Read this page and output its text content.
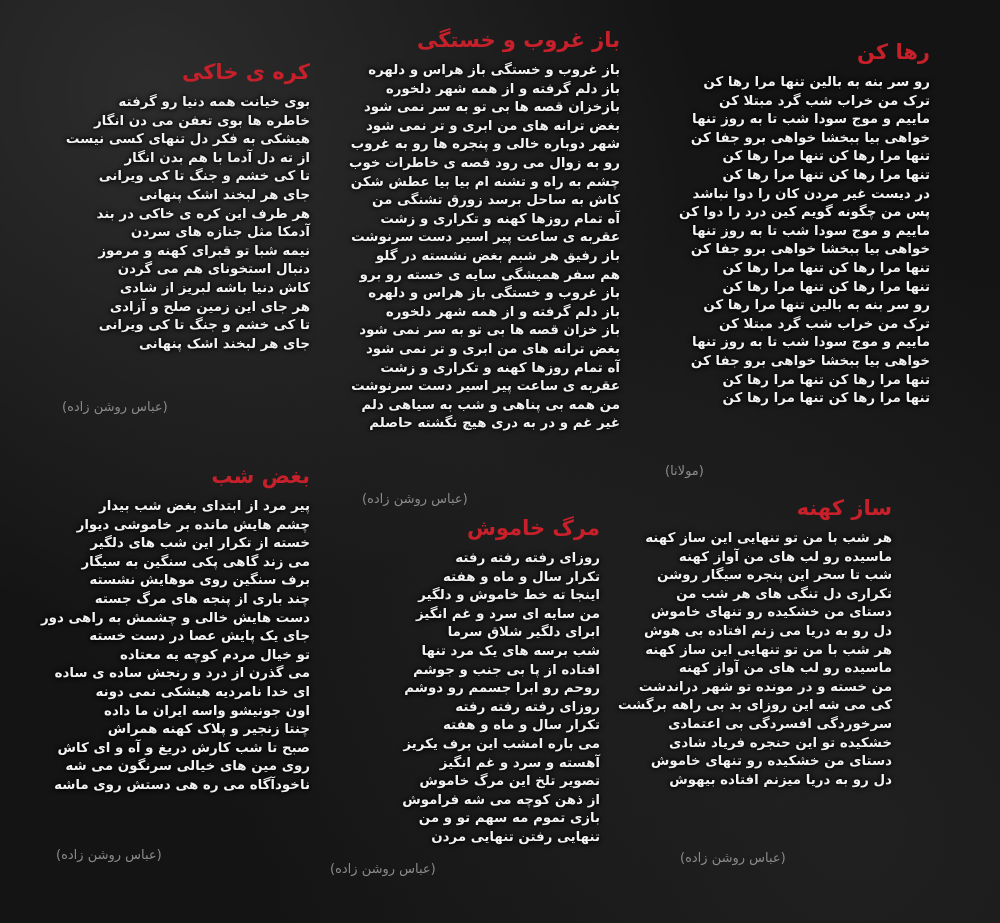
رها کن
رو سر بنه به بالین تنها مرا رها کن
ترک من خراب شب گرد مبتلا کن
ماییم و موج سودا شب تا به روز تنها
خواهی بیا ببخشا خواهی برو جفا کن
تنها مرا رها کن تنها مرا رها کن
تنها مرا رها کن تنها مرا رها کن
در دیست غیر مردن کان را دوا نباشد
پس من چگونه گویم کین درد را دوا کن
ماییم و موج سودا شب تا به روز تنها
خواهی بیا ببخشا خواهی برو جفا کن
تنها مرا رها کن تنها مرا رها کن
تنها مرا رها کن تنها مرا رها کن
رو سر بنه به بالین تنها مرا رها کن
ترک من خراب شب گرد مبتلا کن
ماییم و موج سودا شب تا به روز تنها
خواهی بیا ببخشا خواهی برو جفا کن
تنها مرا رها کن تنها مرا رها کن
تنها مرا رها کن تنها مرا رها کن
(مولانا)
باز غروب و خستگی
باز غروب و خستگی باز هراس و دلهره
باز دلم گرفته و از همه شهر دلخوره
بازخزان قصه ها بی تو به سر نمی شود
بغض ترانه های من ابری و تر نمی شود
شهر دوباره خالی و پنجره ها رو به غروب
رو به زوال می رود قصه ی خاطرات خوب
چشم به راه و تشنه ام بیا بیا عطش شکن
کاش به ساحل برسد زورق تشنگی من
آه تمام روزها کهنه و تکراری و زشت
عقربه ی ساعت پیر اسیر دست سرنوشت
باز رفیق هر شبم بغض نشسته در گلو
هم سفر همیشگی سایه ی خسته رو برو
باز غروب و خستگی باز هراس و دلهره
باز دلم گرفته و از همه شهر دلخوره
باز خزان قصه ها بی تو به سر نمی شود
بغض ترانه های من ابری و تر نمی شود
آه تمام روزها کهنه و تکراری و زشت
عقربه ی ساعت پیر اسیر دست سرنوشت
من همه بی پناهی و شب به سیاهی دلم
غیر غم و در به دری هیچ نگشته حاصلم
(عباس روشن زاده)
کره ی خاکی
بوی خیانت همه دنیا رو گرفته
خاطره ها بوی تعفن می دن انگار
هیشکی به فکر دل تنهای کسی نیست
از ته دل آدما با هم بدن انگار
تا کی خشم و جنگ تا کی ویرانی
جای هر لبخند اشک پنهانی
هر طرف این کره ی خاکی در بند
آدمکا مثل جنازه های سردن
نیمه شبا تو قبرای کهنه و مرموز
دنبال استخونای هم می گردن
کاش دنیا باشه لبریز از شادی
هر جای این زمین صلح و آزادی
تا کی خشم و جنگ تا کی ویرانی
جای هر لبخند اشک پنهانی
(عباس روشن زاده)
بغض شب
پیر مرد از ابتدای بغض شب بیدار
چشم هایش مانده بر خاموشی دیوار
خسته از تکرار این شب های دلگیر
می زند گاهی پکی سنگین به سیگار
برف سنگین روی موهایش نشسته
چند باری از پنجه های مرگ جسته
دست هایش خالی و چشمش به راهی دور
جای یک پایش عصا در دست خسته
تو خیال مردم کوچه یه معتاده
می گذرن از درد و رنجش ساده ی ساده
ای خدا نامردیه هیشکی نمی دونه
اون جونیشو واسه ایران ما داده
چنتا زنجیر و پلاک کهنه همراش
صبح تا شب کارش دریغ و آه و ای کاش
روی مین های خیالی سرنگون می شه
ناخودآگاه می ره هی دستش روی ماشه
(عباس روشن زاده)
مرگ خاموش
روزای رفته رفته رفته
تکرار سال و ماه و هفته
اینجا ته خط خاموش و دلگیر
من سایه ای سرد و غم انگیز
ابرای دلگیر شلاق سرما
شب برسه های یک مرد تنها
افتاده از پا بی جنب و جوشم
روحم رو ابرا جسمم رو دوشم
روزای رفته رفته رفته
تکرار سال و ماه و هفته
می باره امشب این برف یکریز
آهسته و سرد و غم انگیز
تصویر تلخ این مرگ خاموش
از ذهن کوچه می شه فراموش
بازی تموم مه سهم تو و من
تنهایی رفتن تنهایی مردن
(عباس روشن زاده)
ساز کهنه
هر شب با من تو تنهایی این ساز کهنه
ماسیده رو لب های من آواز کهنه
شب تا سحر این پنجره سیگار روشن
تکراری دل تنگی های هر شب من
دستای من خشکیده رو تنهای خاموش
دل رو به دریا می زنم افتاده بی هوش
هر شب با من تو تنهایی این ساز کهنه
ماسیده رو لب های من آواز کهنه
من خسته و در مونده تو شهر دراندشت
کی می شه این روزای بد بی راهه برگشت
سرخوردگی افسردگی بی اعتمادی
خشکیده تو این حنجره فریاد شادی
دستای من خشکیده رو تنهای خاموش
دل رو به دریا میزنم افتاده بیهوش
(عباس روشن زاده)
